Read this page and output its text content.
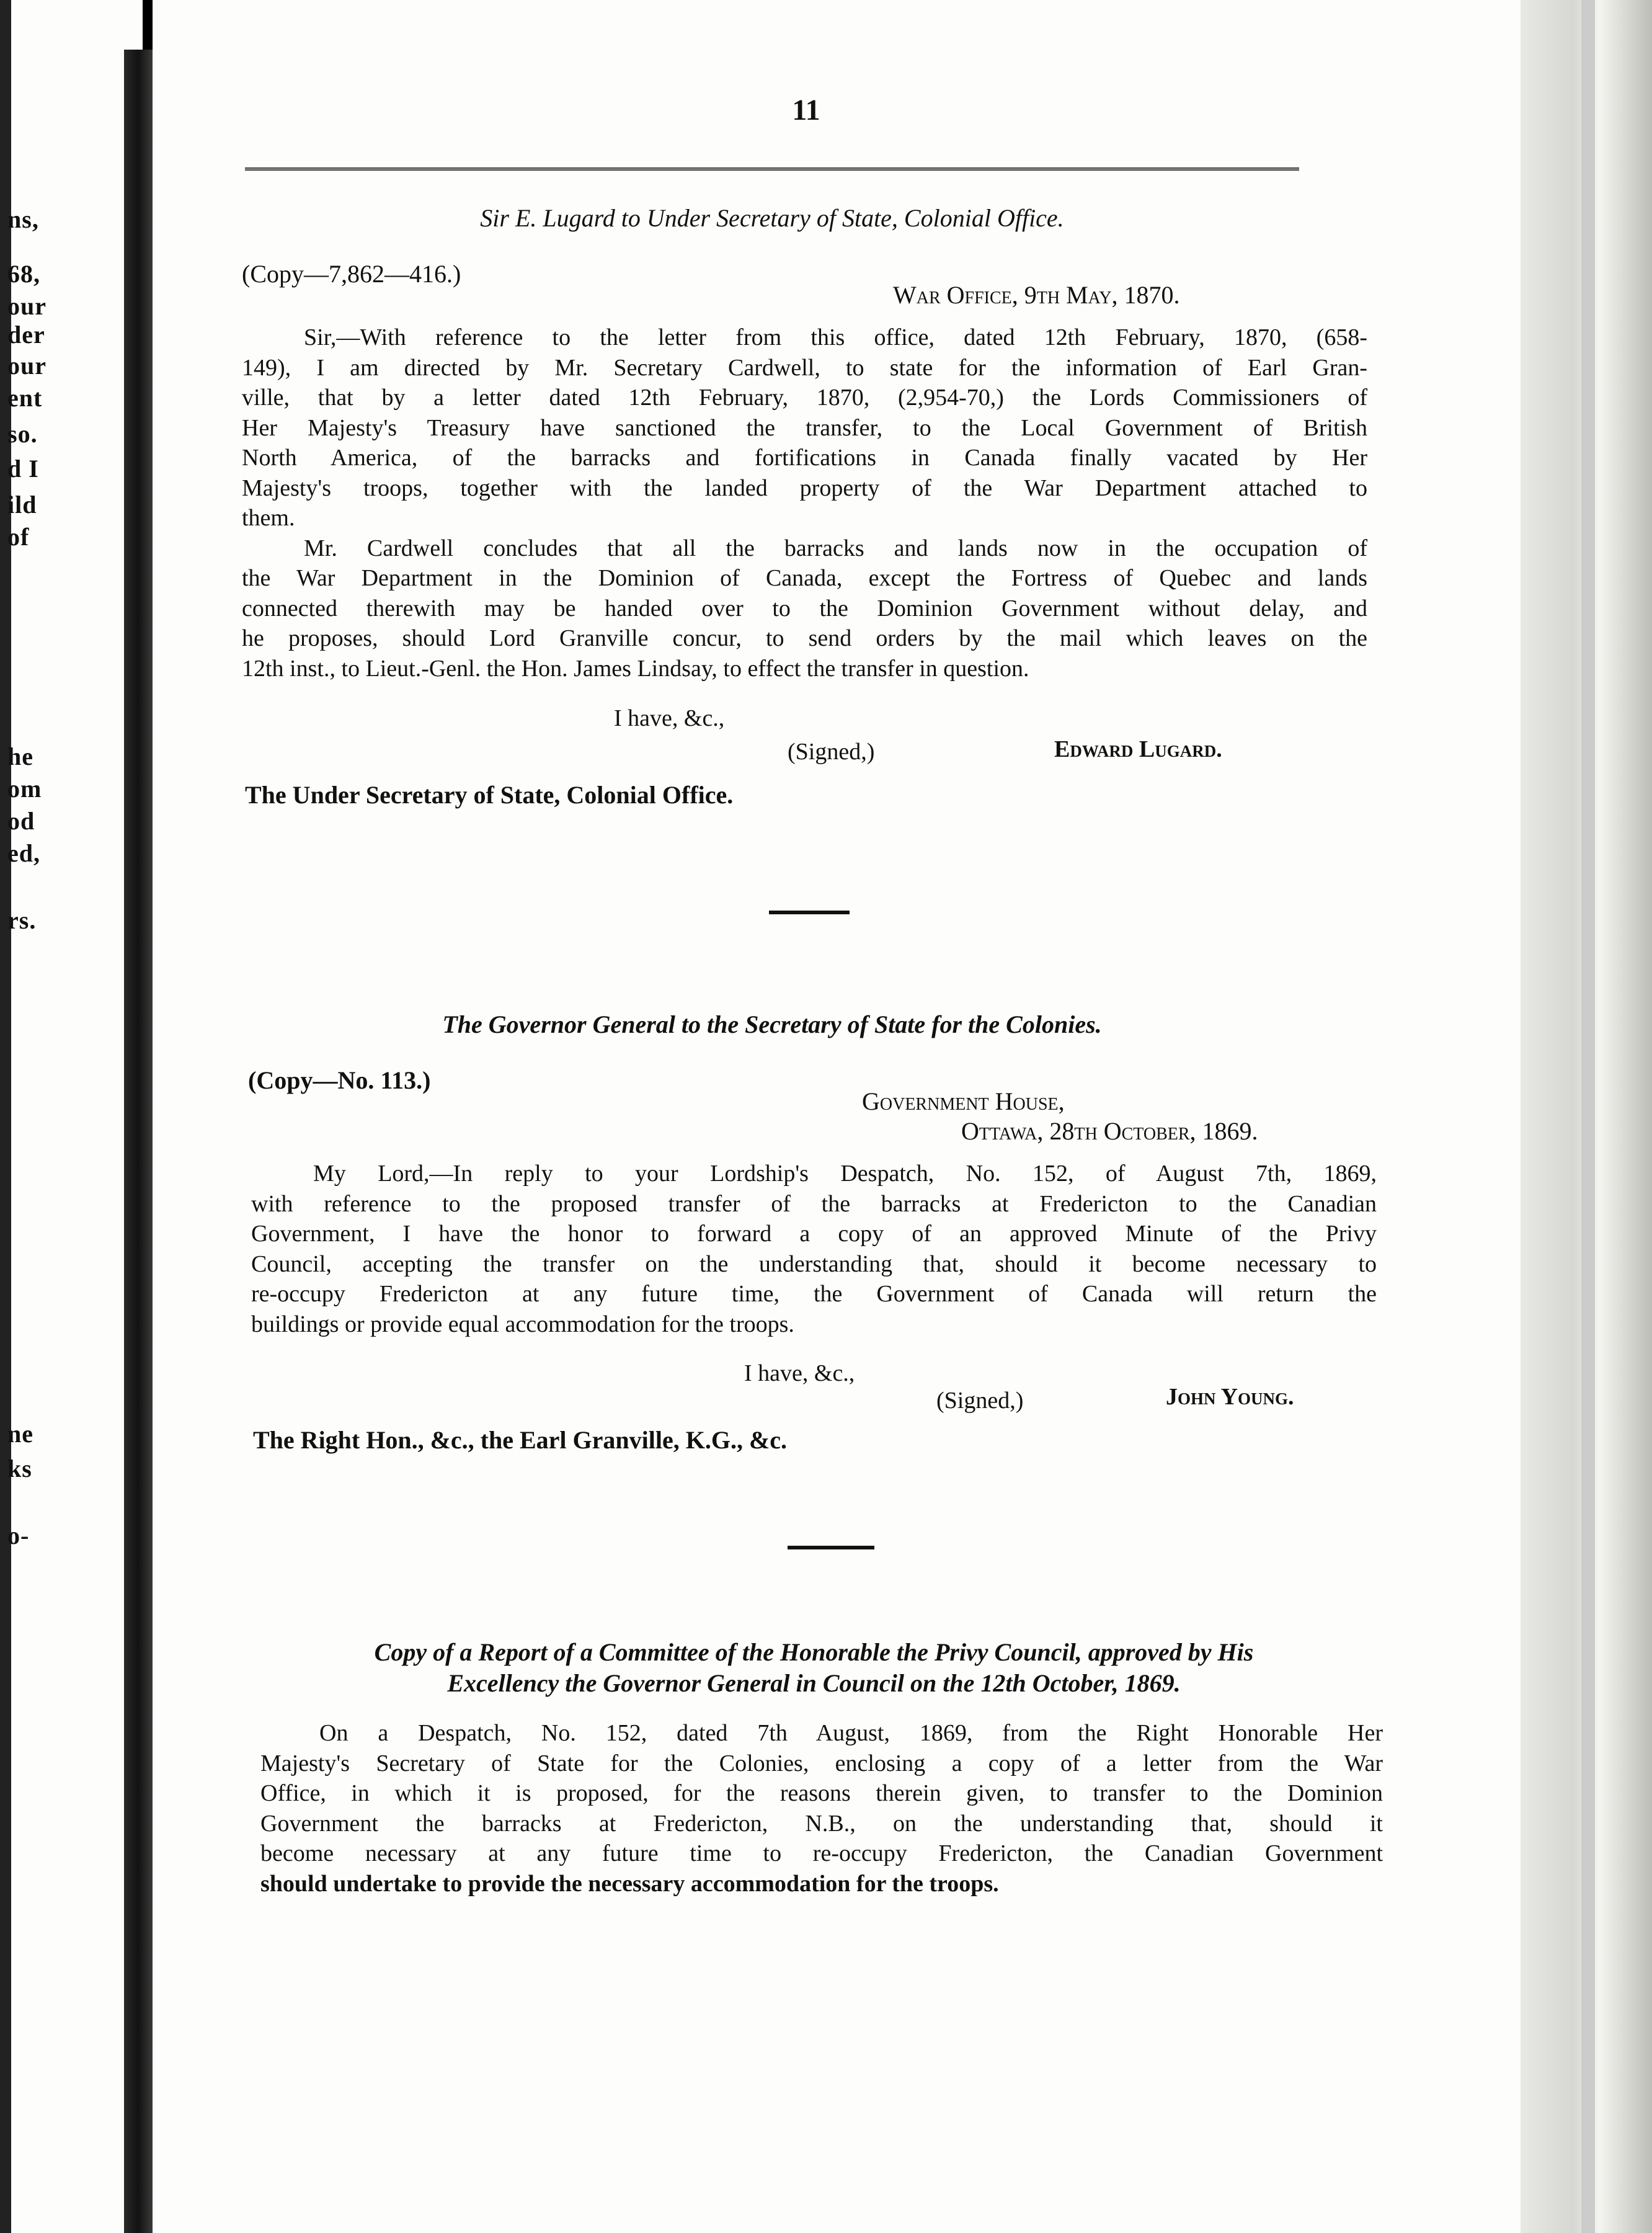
ns,
68,
our
der
our
ent
so.
d I
ild
of
he
om
od
ed,
rs.
ne
ks
o-
11
Sir E. Lugard to Under Secretary of State, Colonial Office.
(Copy—7,862—416.)
War Office, 9th May, 1870.
Sir,—With reference to the letter from this office, dated 12th February, 1870, (658-
149), I am directed by Mr. Secretary Cardwell, to state for the information of Earl Gran-
ville, that by a letter dated 12th February, 1870, (2,954-70,) the Lords Commissioners of
Her Majesty's Treasury have sanctioned the transfer, to the Local Government of British
North America, of the barracks and fortifications in Canada finally vacated by Her
Majesty's troops, together with the landed property of the War Department attached to
them.
Mr. Cardwell concludes that all the barracks and lands now in the occupation of
the War Department in the Dominion of Canada, except the Fortress of Quebec and lands
connected therewith may be handed over to the Dominion Government without delay, and
he proposes, should Lord Granville concur, to send orders by the mail which leaves on the
12th inst., to Lieut.-Genl. the Hon. James Lindsay, to effect the transfer in question.
I have, &c.,
(Signed,)	Edward Lugard.
The Under Secretary of State, Colonial Office.
The Governor General to the Secretary of State for the Colonies.
(Copy—No. 113.)
Government House,
Ottawa, 28th October, 1869.
My Lord,—In reply to your Lordship's Despatch, No. 152, of August 7th, 1869,
with reference to the proposed transfer of the barracks at Fredericton to the Canadian
Government, I have the honor to forward a copy of an approved Minute of the Privy
Council, accepting the transfer on the understanding that, should it become necessary to
re-occupy Fredericton at any future time, the Government of Canada will return the
buildings or provide equal accommodation for the troops.
I have, &c.,
(Signed,)	John Young.
The Right Hon., &c., the Earl Granville, K.G., &c.
Copy of a Report of a Committee of the Honorable the Privy Council, approved by His
Excellency the Governor General in Council on the 12th October, 1869.
On a Despatch, No. 152, dated 7th August, 1869, from the Right Honorable Her
Majesty's Secretary of State for the Colonies, enclosing a copy of a letter from the War
Office, in which it is proposed, for the reasons therein given, to transfer to the Dominion
Government the barracks at Fredericton, N.B., on the understanding that, should it
become necessary at any future time to re-occupy Fredericton, the Canadian Government
should undertake to provide the necessary accommodation for the troops.
